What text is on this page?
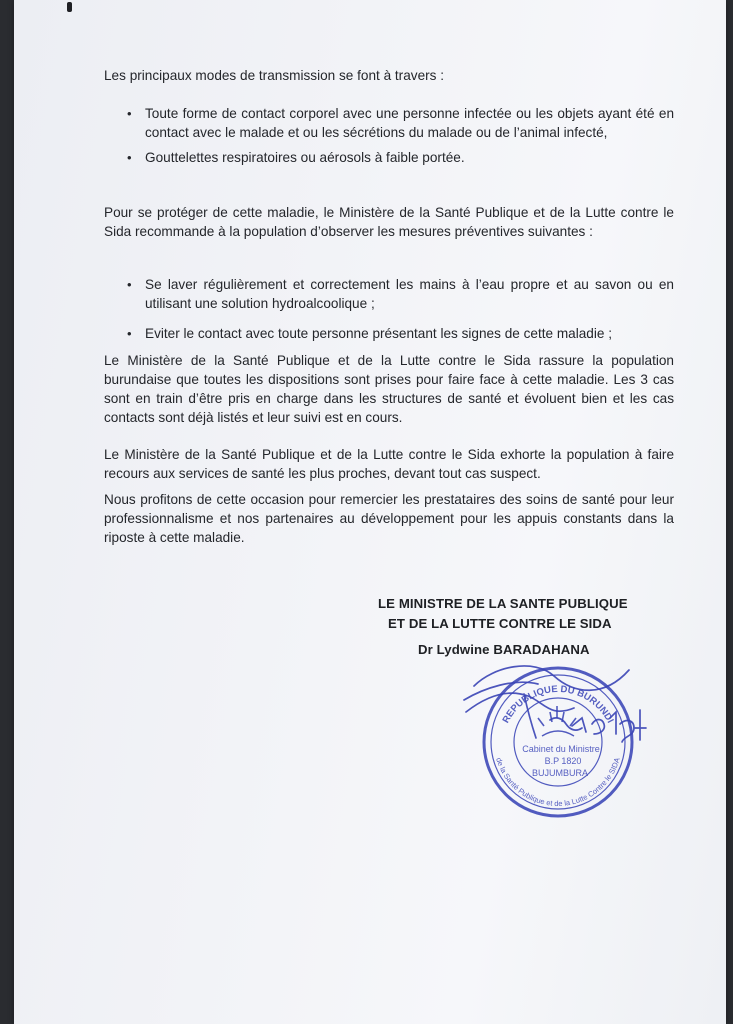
Les principaux modes de transmission se font à travers :

• Toute forme de contact corporel avec une personne infectée ou les objets ayant été en contact avec le malade et ou les sécrétions du malade ou de l’animal infecté,
• Gouttelettes respiratoires ou aérosols à faible portée.

Pour se protéger de cette maladie, le Ministère de la Santé Publique et de la Lutte contre le Sida recommande à la population d’observer les mesures préventives suivantes :

• Se laver régulièrement et correctement les mains à l’eau propre et au savon ou en utilisant une solution hydroalcoolique ;
• Eviter le contact avec toute personne présentant les signes de cette maladie ;

Le Ministère de la Santé Publique et de la Lutte contre le Sida rassure la population burundaise que toutes les dispositions sont prises pour faire face à cette maladie. Les 3 cas sont en train d’être pris en charge dans les structures de santé et évoluent bien et les cas contacts sont déjà listés et leur suivi est en cours.

Le Ministère de la Santé Publique et de la Lutte contre le Sida exhorte la population à faire recours aux services de santé les plus proches, devant tout cas suspect.

Nous profitons de cette occasion pour remercier les prestataires des soins de santé pour leur professionnalisme et nos partenaires au développement pour les appuis constants dans la riposte à cette maladie.

LE MINISTRE DE LA SANTE PUBLIQUE
ET DE LA LUTTE CONTRE LE SIDA
Dr Lydwine BARADAHANA
REPUBLIQUE DU BURUNDI
de la Santé Publique et de la Lutte Contre le SIDA
Cabinet du Ministre
B.P 1820
BUJUMBURA
